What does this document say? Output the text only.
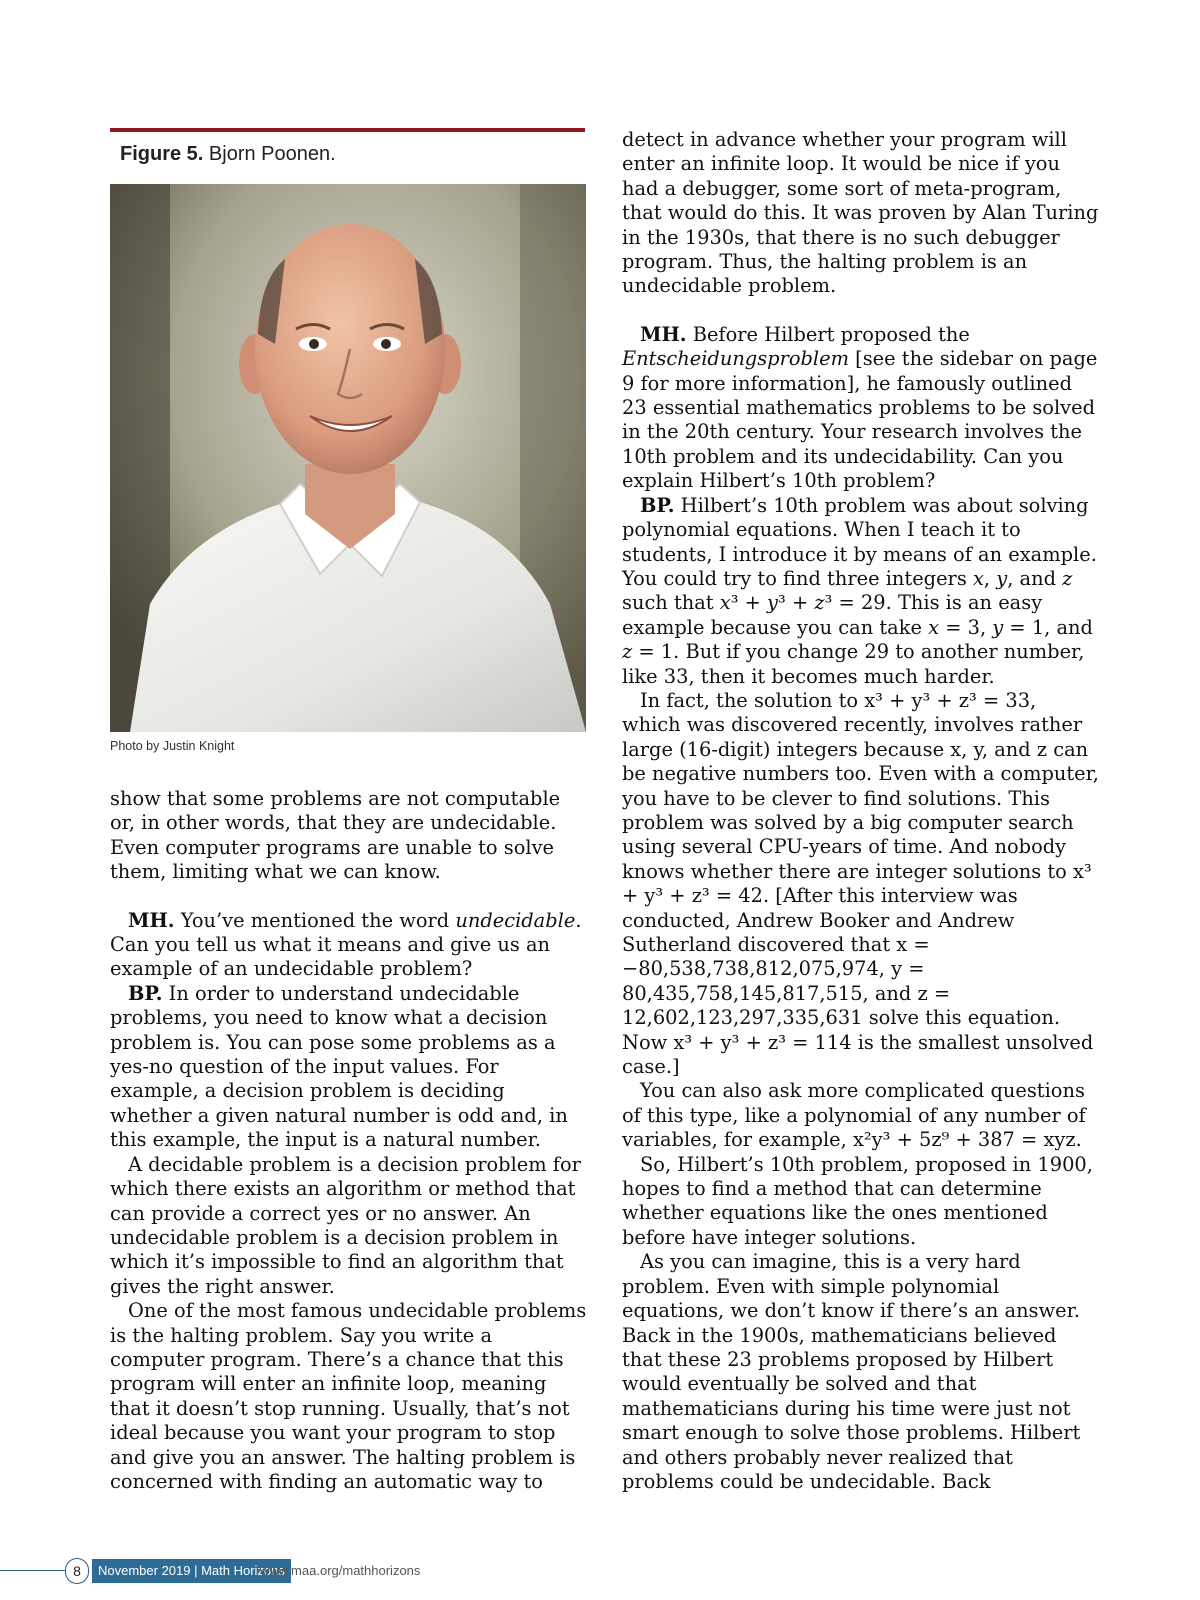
Figure 5. Bjorn Poonen.
Photo by Justin Knight

show that some problems are not computable or, in other words, that they are undecidable. Even computer programs are unable to solve them, limiting what we can know.

MH. You’ve mentioned the word undecidable. Can you tell us what it means and give us an example of an undecidable problem?

BP. In order to understand undecidable problems, you need to know what a decision problem is. You can pose some problems as a yes-no question of the input values. For example, a decision problem is deciding whether a given natural number is odd and, in this example, the input is a natural number.

A decidable problem is a decision problem for which there exists an algorithm or method that can provide a correct yes or no answer. An undecidable problem is a decision problem in which it’s impossible to find an algorithm that gives the right answer.

One of the most famous undecidable problems is the halting problem. Say you write a computer program. There’s a chance that this program will enter an infinite loop, meaning that it doesn’t stop running. Usually, that’s not ideal because you want your program to stop and give you an answer. The halting problem is concerned with finding an automatic way to

detect in advance whether your program will enter an infinite loop. It would be nice if you had a debugger, some sort of meta-program, that would do this. It was proven by Alan Turing in the 1930s, that there is no such debugger program. Thus, the halting problem is an undecidable problem.

MH. Before Hilbert proposed the Entscheidungsproblem [see the sidebar on page 9 for more information], he famously outlined 23 essential mathematics problems to be solved in the 20th century. Your research involves the 10th problem and its undecidability. Can you explain Hilbert’s 10th problem?

BP. Hilbert’s 10th problem was about solving polynomial equations. When I teach it to students, I introduce it by means of an example. You could try to find three integers x, y, and z such that x³ + y³ + z³ = 29. This is an easy example because you can take x = 3, y = 1, and z = 1. But if you change 29 to another number, like 33, then it becomes much harder.

In fact, the solution to x³ + y³ + z³ = 33, which was discovered recently, involves rather large (16-digit) integers because x, y, and z can be negative numbers too. Even with a computer, you have to be clever to find solutions. This problem was solved by a big computer search using several CPU-years of time. And nobody knows whether there are integer solutions to x³ + y³ + z³ = 42. [After this interview was conducted, Andrew Booker and Andrew Sutherland discovered that x = −80,538,738,812,075,974, y = 80,435,758,145,817,515, and z = 12,602,123,297,335,631 solve this equation. Now x³ + y³ + z³ = 114 is the smallest unsolved case.]

You can also ask more complicated questions of this type, like a polynomial of any number of variables, for example, x²y³ + 5z⁹ + 387 = xyz.

So, Hilbert’s 10th problem, proposed in 1900, hopes to find a method that can determine whether equations like the ones mentioned before have integer solutions.

As you can imagine, this is a very hard problem. Even with simple polynomial equations, we don’t know if there’s an answer. Back in the 1900s, mathematicians believed that these 23 problems proposed by Hilbert would eventually be solved and that mathematicians during his time were just not smart enough to solve those problems. Hilbert and others probably never realized that problems could be undecidable. Back

8	November 2019 | Math Horizons
www.maa.org/mathhorizons
